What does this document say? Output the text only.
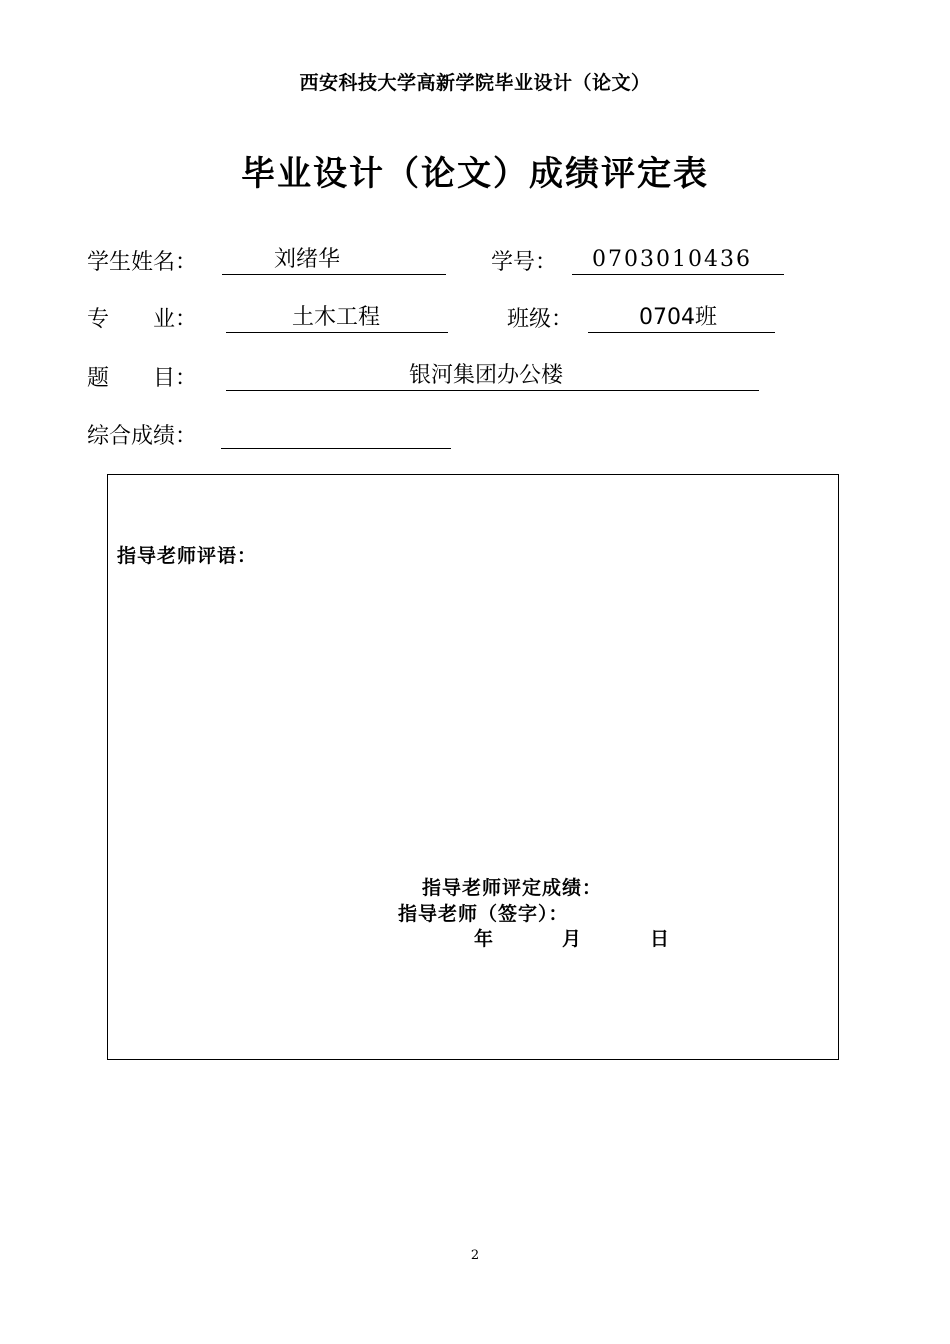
西安科技大学高新学院毕业设计（论文）
毕业设计（论文）成绩评定表
学生姓名：	刘绪华	学号：	0703010436
专　　业：	土木工程	班级：	0704班
题　　目：	银河集团办公楼
综合成绩：
指导老师评语：
指导老师评定成绩：
指导老师（签字）：
年	月	日
2
